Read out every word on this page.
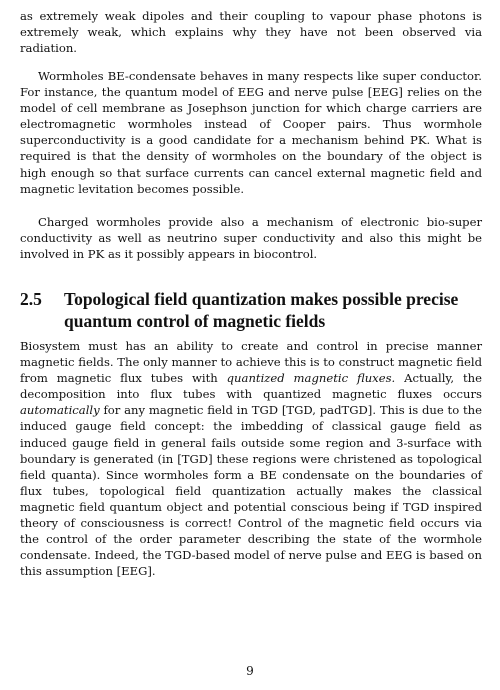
as extremely weak dipoles and their coupling to vapour phase photons is extremely weak, which explains why they have not been observed via radiation.

Wormholes BE-condensate behaves in many respects like super conductor. For instance, the quantum model of EEG and nerve pulse [EEG] relies on the model of cell membrane as Josephson junction for which charge carriers are electromagnetic wormholes instead of Cooper pairs. Thus wormhole superconductivity is a good candidate for a mechanism behind PK. What is required is that the density of wormholes on the boundary of the object is high enough so that surface currents can cancel external magnetic field and magnetic levitation becomes possible.

Charged wormholes provide also a mechanism of electronic bio-super conductivity as well as neutrino super conductivity and also this might be involved in PK as it possibly appears in biocontrol.

2.5 Topological field quantization makes possible precise quantum control of magnetic fields

Biosystem must has an ability to create and control in precise manner magnetic fields. The only manner to achieve this is to construct magnetic field from magnetic flux tubes with quantized magnetic fluxes. Actually, the decomposition into flux tubes with quantized magnetic fluxes occurs automatically for any magnetic field in TGD [TGD, padTGD]. This is due to the induced gauge field concept: the imbedding of classical gauge field as induced gauge field in general fails outside some region and 3-surface with boundary is generated (in [TGD] these regions were christened as topological field quanta). Since wormholes form a BE condensate on the boundaries of flux tubes, topological field quantization actually makes the classical magnetic field quantum object and potential conscious being if TGD inspired theory of consciousness is correct! Control of the magnetic field occurs via the control of the order parameter describing the state of the wormhole condensate. Indeed, the TGD-based model of nerve pulse and EEG is based on this assumption [EEG].

9
